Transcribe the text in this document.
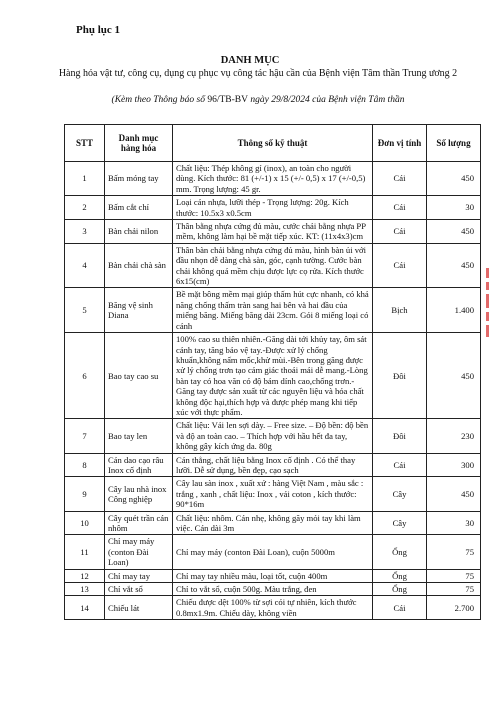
Phụ lục 1
DANH MỤC
Hàng hóa vật tư, công cụ, dụng cụ phục vụ công tác hậu cần của Bệnh viện Tâm thần Trung ương 2
(Kèm theo Thông báo số 96/TB-BV ngày 29/8/2024 của Bệnh viện Tâm thần
STT	Danh mục hàng hóa	Thông số kỹ thuật	Đơn vị tính	Số lượng
1	Bấm móng tay	Chất liệu: Thép không gỉ (inox), an toàn cho người dùng. Kích thước: 81 (+/-1) x 15 (+/- 0,5) x 17 (+/-0,5) mm. Trọng lượng: 45 gr.	Cái	450
2	Bấm cắt chỉ	Loại cán nhựa, lưỡi thép - Trọng lượng: 20g. Kích thước: 10.5x3 x0.5cm	Cái	30
3	Bàn chải nilon	Thân bằng nhựa cứng đủ màu, cước chải bằng nhựa PP mềm, không làm hại bề mặt tiếp xúc. KT: (11x4x3)cm	Cái	450
4	Bàn chải chà sàn	Thân bàn chải bằng nhựa cứng đủ màu, hình bàn ủi với đầu nhọn dễ dàng chà sàn, góc, cạnh tường. Cước bàn chải không quá mềm chịu được lực cọ rửa. Kích thước 6x15(cm)	Cái	450
5	Băng vệ sinh Diana	Bề mặt bông mềm mại giúp thấm hút cực nhanh, có khả năng chống thấm tràn sang hai bên và hai đầu của miếng băng. Miếng băng dài 23cm. Gói 8 miếng loại có cánh	Bịch	1.400
6	Bao tay cao su	100% cao su thiên nhiên.-Găng dài tới khủy tay, ôm sát cánh tay, tăng bảo vệ tay.-Được xử lý chống khuẩn,không nấm mốc,khử mùi.-Bên trong găng được xử lý chống trơn tạo cảm giác thoải mái dễ mang.-Lòng bàn tay có hoa văn có độ bám dính cao,chống trơn.-Găng tay được sản xuất từ các nguyên liệu và hóa chất không độc hại,thích hợp và được phép mang khi tiếp xúc với thực phẩm.	Đôi	450
7	Bao tay len	Chất liệu: Vải len sợi dày. – Free size. – Độ bền: độ bền và độ an toàn cao. – Thích hợp với hầu hết đa tay, không gây kích ứng da. 80g	Đôi	230
8	Cán dao cạo râu Inox cố định	Cán thẳng, chất liệu bằng Inox cố định . Có thể thay lưỡi. Dễ sử dụng, bền đẹp, cạo sạch	Cái	300
9	Cây lau nhà inox Công nghiệp	Cây lau sàn inox , xuất xứ : hàng Việt Nam , màu sắc : trắng , xanh , chất liệu: Inox , vải coton , kích thước: 90*16m	Cây	450
10	Cây quét trần cán nhôm	Chất liệu: nhôm. Cán nhẹ, không gãy mỏi tay khi làm việc. Cán dài 3m	Cây	30
11	Chỉ may máy (conton Đài Loan)	Chỉ may máy (conton Đài Loan), cuộn 5000m	Ống	75
12	Chỉ may tay	Chỉ may tay nhiều màu, loại tốt, cuộn 400m	Ống	75
13	Chỉ vắt sổ	Chỉ to vắt sổ, cuộn 500g. Màu trắng, đen	Ống	75
14	Chiếu lát	Chiếu được dệt 100% từ sợi cói tự nhiên, kích thước 0.8mx1.9m. Chiếu dày, không viền	Cái	2.700
